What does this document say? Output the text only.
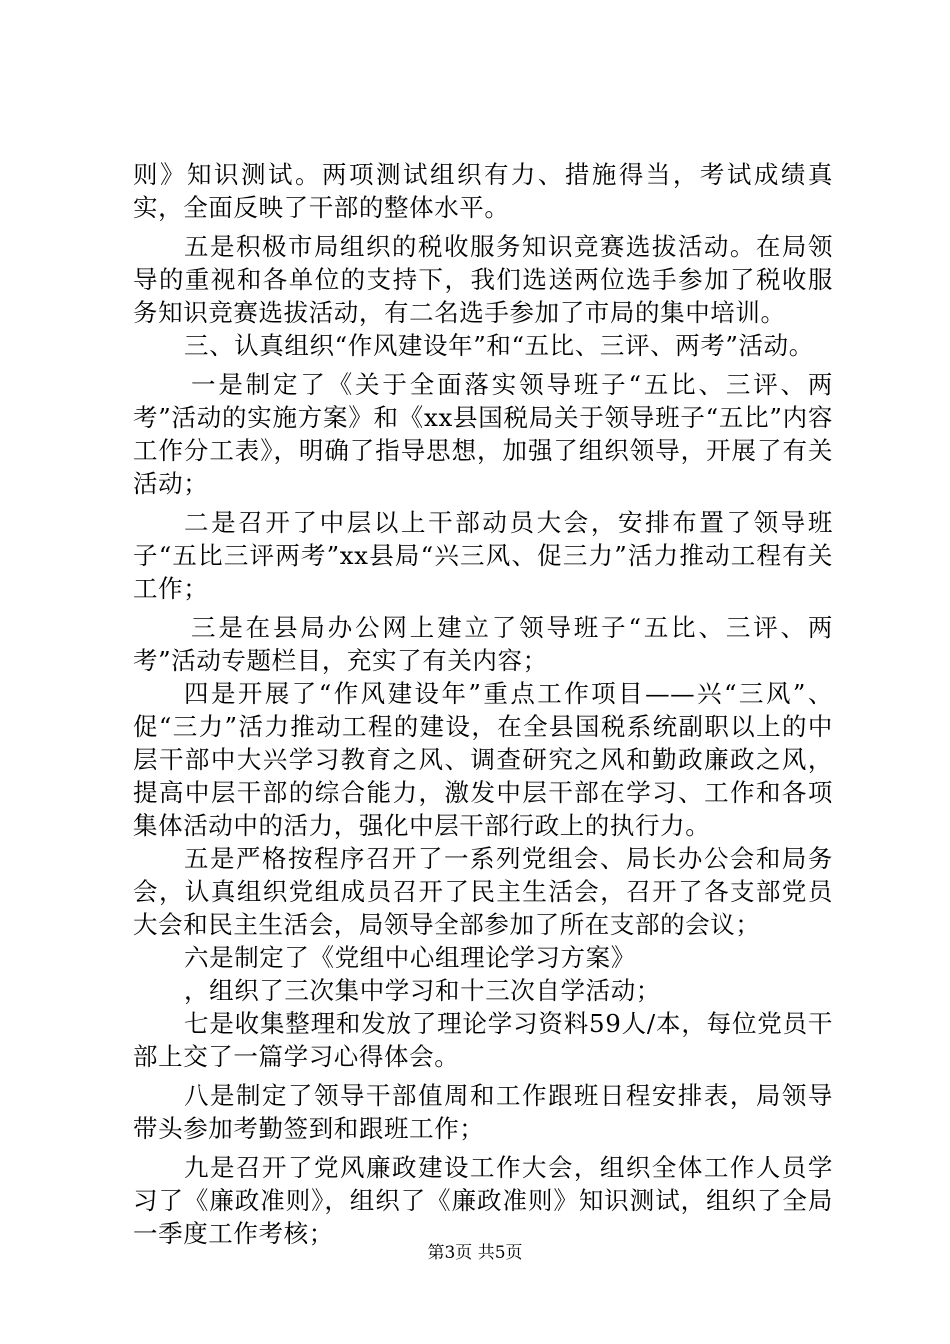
则》知识测试。两项测试组织有力、措施得当，考试成绩真实，全面反映了干部的整体水平。

五是积极市局组织的税收服务知识竞赛选拔活动。在局领导的重视和各单位的支持下，我们选送两位选手参加了税收服务知识竞赛选拔活动，有二名选手参加了市局的集中培训。

三、认真组织“作风建设年”和“五比、三评、两考”活动。

一是制定了《关于全面落实领导班子“五比、三评、两考”活动的实施方案》和《xx县国税局关于领导班子“五比”内容工作分工表》，明确了指导思想，加强了组织领导，开展了有关活动；

二是召开了中层以上干部动员大会，安排布置了领导班子“五比三评两考”xx县局“兴三风、促三力”活力推动工程有关工作；

三是在县局办公网上建立了领导班子“五比、三评、两考”活动专题栏目，充实了有关内容；

四是开展了“作风建设年”重点工作项目——兴“三风”、促“三力”活力推动工程的建设，在全县国税系统副职以上的中层干部中大兴学习教育之风、调查研究之风和勤政廉政之风，提高中层干部的综合能力，激发中层干部在学习、工作和各项集体活动中的活力，强化中层干部行政上的执行力。

五是严格按程序召开了一系列党组会、局长办公会和局务会，认真组织党组成员召开了民主生活会，召开了各支部党员大会和民主生活会，局领导全部参加了所在支部的会议；

六是制定了《党组中心组理论学习方案》

，组织了三次集中学习和十三次自学活动；

七是收集整理和发放了理论学习资料59人/本，每位党员干部上交了一篇学习心得体会。

八是制定了领导干部值周和工作跟班日程安排表，局领导带头参加考勤签到和跟班工作；

九是召开了党风廉政建设工作大会，组织全体工作人员学习了《廉政准则》，组织了《廉政准则》知识测试，组织了全局一季度工作考核；

第3页 共5页
